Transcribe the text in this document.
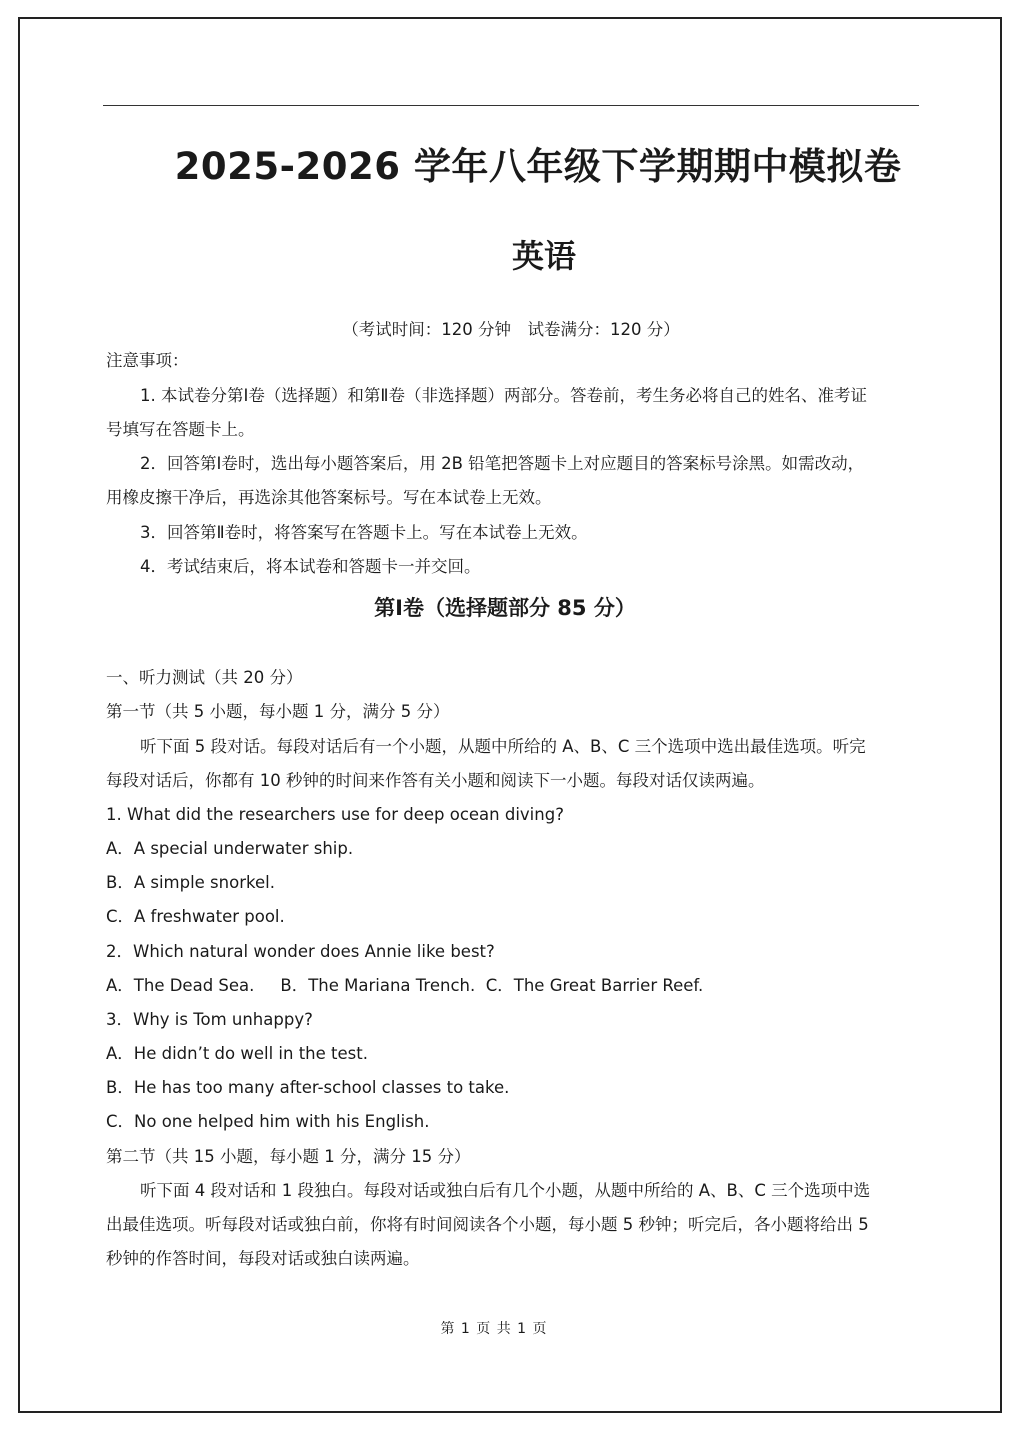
2025-2026 学年八年级下学期期中模拟卷
英语
（考试时间：120 分钟　试卷满分：120 分）
注意事项：
1. 本试卷分第Ⅰ卷（选择题）和第Ⅱ卷（非选择题）两部分。答卷前，考生务必将自己的姓名、准考证
号填写在答题卡上。
2．回答第Ⅰ卷时，选出每小题答案后，用 2B 铅笔把答题卡上对应题目的答案标号涂黑。如需改动，
用橡皮擦干净后，再选涂其他答案标号。写在本试卷上无效。
3．回答第Ⅱ卷时，将答案写在答题卡上。写在本试卷上无效。
4．考试结束后，将本试卷和答题卡一并交回。
第Ⅰ卷（选择题部分 85 分）
一、听力测试（共 20 分）
第一节（共 5 小题，每小题 1 分，满分 5 分）
听下面 5 段对话。每段对话后有一个小题，从题中所给的 A、B、C 三个选项中选出最佳选项。听完
每段对话后，你都有 10 秒钟的时间来作答有关小题和阅读下一小题。每段对话仅读两遍。
1. What did the researchers use for deep ocean diving?
A．A special underwater ship.
B．A simple snorkel.
C．A freshwater pool.
2．Which natural wonder does Annie like best?
A．The Dead Sea. B．The Mariana Trench. C．The Great Barrier Reef.
3．Why is Tom unhappy?
A．He didn’t do well in the test.
B．He has too many after-school classes to take.
C．No one helped him with his English.
第二节（共 15 小题，每小题 1 分，满分 15 分）
听下面 4 段对话和 1 段独白。每段对话或独白后有几个小题，从题中所给的 A、B、C 三个选项中选
出最佳选项。听每段对话或独白前，你将有时间阅读各个小题，每小题 5 秒钟；听完后，各小题将给出 5
秒钟的作答时间，每段对话或独白读两遍。
第 1 页 共 1 页
